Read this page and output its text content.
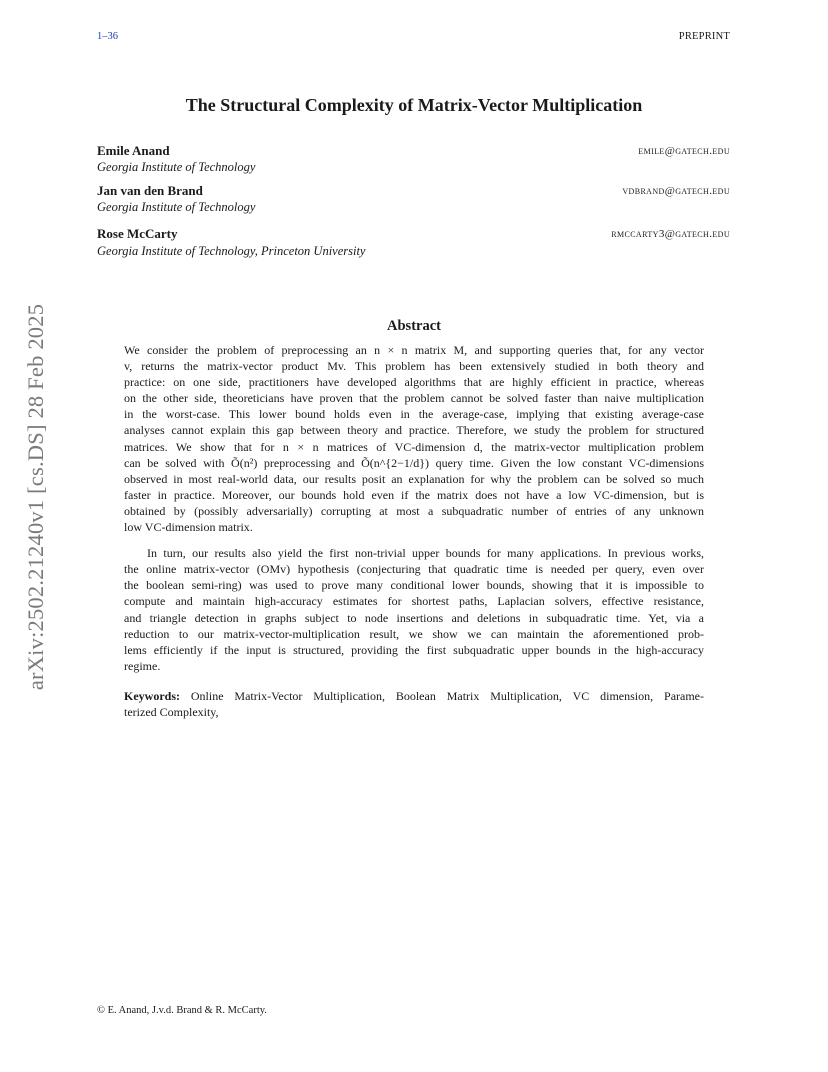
1–36	PREPRINT
arXiv:2502.21240v1 [cs.DS] 28 Feb 2025
The Structural Complexity of Matrix-Vector Multiplication
Emile Anand	emile@gatech.edu
Georgia Institute of Technology
Jan van den Brand	vdbrand@gatech.edu
Georgia Institute of Technology
Rose McCarty	rmccarty3@gatech.edu
Georgia Institute of Technology, Princeton University
Abstract
We consider the problem of preprocessing an n × n matrix M, and supporting queries that, for any vector
v, returns the matrix-vector product Mv. This problem has been extensively studied in both theory and
practice: on one side, practitioners have developed algorithms that are highly efficient in practice, whereas
on the other side, theoreticians have proven that the problem cannot be solved faster than naive multiplication
in the worst-case. This lower bound holds even in the average-case, implying that existing average-case
analyses cannot explain this gap between theory and practice. Therefore, we study the problem for structured
matrices. We show that for n × n matrices of VC-dimension d, the matrix-vector multiplication problem
can be solved with Õ(n²) preprocessing and Õ(n^{2−1/d}) query time. Given the low constant VC-dimensions
observed in most real-world data, our results posit an explanation for why the problem can be solved so much
faster in practice. Moreover, our bounds hold even if the matrix does not have a low VC-dimension, but is
obtained by (possibly adversarially) corrupting at most a subquadratic number of entries of any unknown
low VC-dimension matrix.
In turn, our results also yield the first non-trivial upper bounds for many applications. In previous works,
the online matrix-vector (OMv) hypothesis (conjecturing that quadratic time is needed per query, even over
the boolean semi-ring) was used to prove many conditional lower bounds, showing that it is impossible to
compute and maintain high-accuracy estimates for shortest paths, Laplacian solvers, effective resistance,
and triangle detection in graphs subject to node insertions and deletions in subquadratic time. Yet, via a
reduction to our matrix-vector-multiplication result, we show we can maintain the aforementioned prob-
lems efficiently if the input is structured, providing the first subquadratic upper bounds in the high-accuracy
regime.
Keywords: Online Matrix-Vector Multiplication, Boolean Matrix Multiplication, VC dimension, Parame-
terized Complexity,
© E. Anand, J.v.d. Brand & R. McCarty.
